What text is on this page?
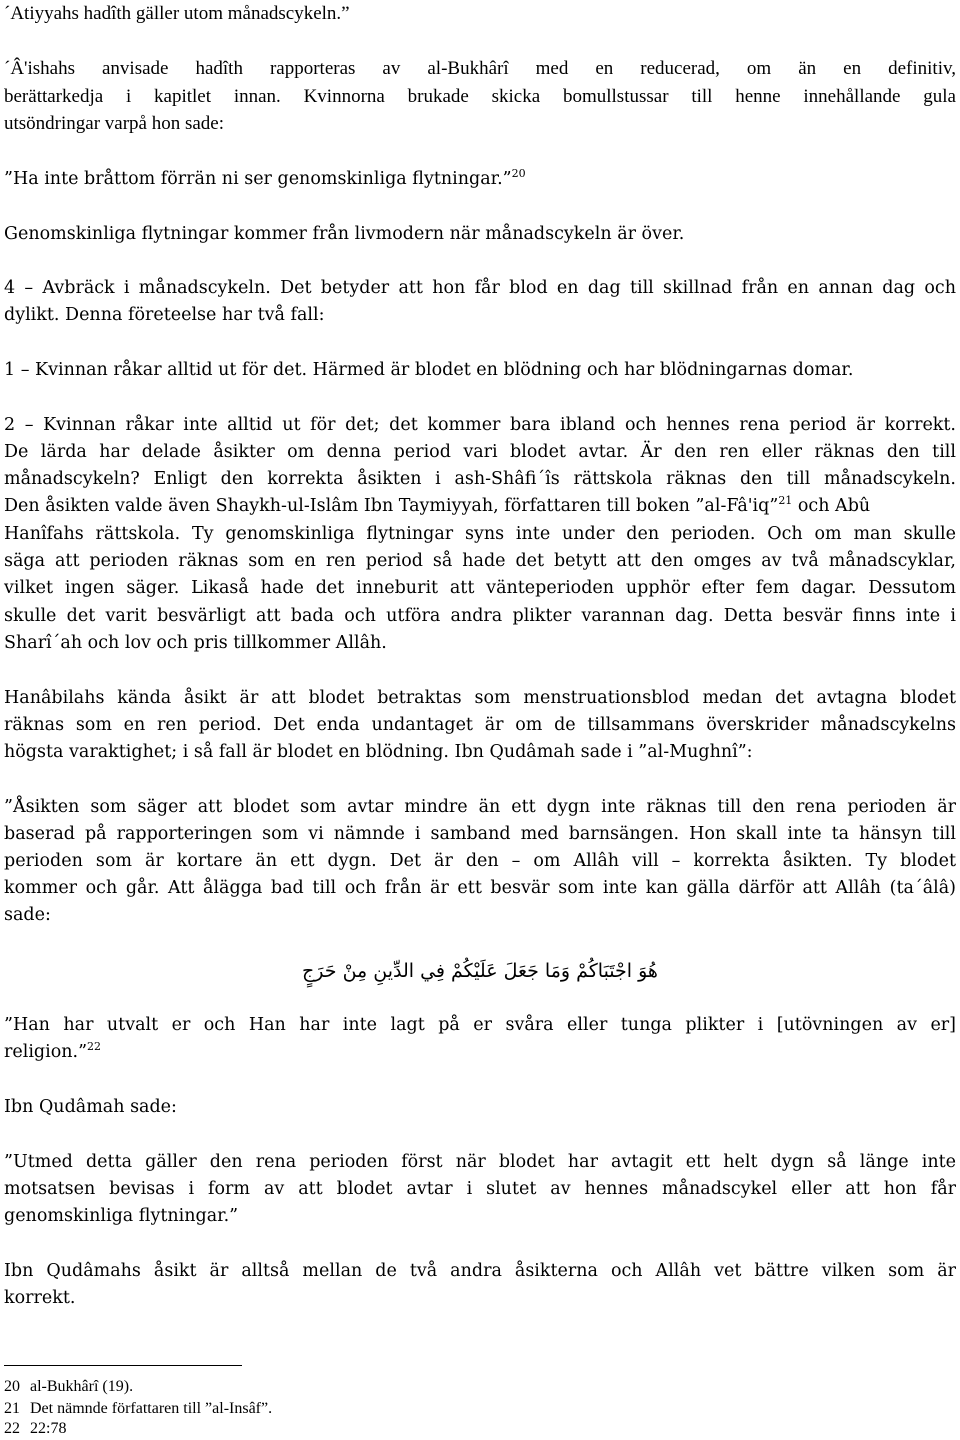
´Atiyyahs hadîth gäller utom månadscykeln.”
´Â'ishahs anvisade hadîth rapporteras av al-Bukhârî med en reducerad, om än en definitiv,
berättarkedja i kapitlet innan. Kvinnorna brukade skicka bomullstussar till henne innehållande gula
utsöndringar varpå hon sade:
”Ha inte bråttom förrän ni ser genomskinliga flytningar.”$^{20}$
Genomskinliga flytningar kommer från livmodern när månadscykeln är över.
4 – Avbräck i månadscykeln. Det betyder att hon får blod en dag till skillnad från en annan dag och
dylikt. Denna företeelse har två fall:
1 – Kvinnan råkar alltid ut för det. Härmed är blodet en blödning och har blödningarnas domar.
2 – Kvinnan råkar inte alltid ut för det; det kommer bara ibland och hennes rena period är korrekt.
De lärda har delade åsikter om denna period vari blodet avtar. Är den ren eller räknas den till
månadscykeln? Enligt den korrekta åsikten i ash-Shâfi´îs rättskola räknas den till månadscykeln.
Den åsikten valde även Shaykh-ul-Islâm Ibn Taymiyyah, författaren till boken ”al-Fâ'iq”$^{21}$ och Abû
Hanîfahs rättskola. Ty genomskinliga flytningar syns inte under den perioden. Och om man skulle
säga att perioden räknas som en ren period så hade det betytt att den omges av två månadscyklar,
vilket ingen säger. Likaså hade det inneburit att vänteperioden upphör efter fem dagar. Dessutom
skulle det varit besvärligt att bada och utföra andra plikter varannan dag. Detta besvär finns inte i
Sharî´ah och lov och pris tillkommer Allâh.
Hanâbilahs kända åsikt är att blodet betraktas som menstruationsblod medan det avtagna blodet
räknas som en ren period. Det enda undantaget är om de tillsammans överskrider månadscykelns
högsta varaktighet; i så fall är blodet en blödning. Ibn Qudâmah sade i ”al-Mughnî”:
”Åsikten som säger att blodet som avtar mindre än ett dygn inte räknas till den rena perioden är
baserad på rapporteringen som vi nämnde i samband med barnsängen. Hon skall inte ta hänsyn till
perioden som är kortare än ett dygn. Det är den – om Allâh vill – korrekta åsikten. Ty blodet
kommer och går. Att ålägga bad till och från är ett besvär som inte kan gälla därför att Allâh (ta´âlâ)
sade:
هُوَ اجْتَبَاكُمْ وَمَا جَعَلَ عَلَيْكُمْ فِي الدِّينِ مِنْ حَرَجٍ
”Han har utvalt er och Han har inte lagt på er svåra eller tunga plikter i [utövningen av er]
religion.”$^{22}$
Ibn Qudâmah sade:
”Utmed detta gäller den rena perioden först när blodet har avtagit ett helt dygn så länge inte
motsatsen bevisas i form av att blodet avtar i slutet av hennes månadscykel eller att hon får
genomskinliga flytningar.”
Ibn Qudâmahs åsikt är alltså mellan de två andra åsikterna och Allâh vet bättre vilken som är
korrekt.
20 al-Bukhârî (19).
21 Det nämnde författaren till ”al-Insâf”.
22 22:78
